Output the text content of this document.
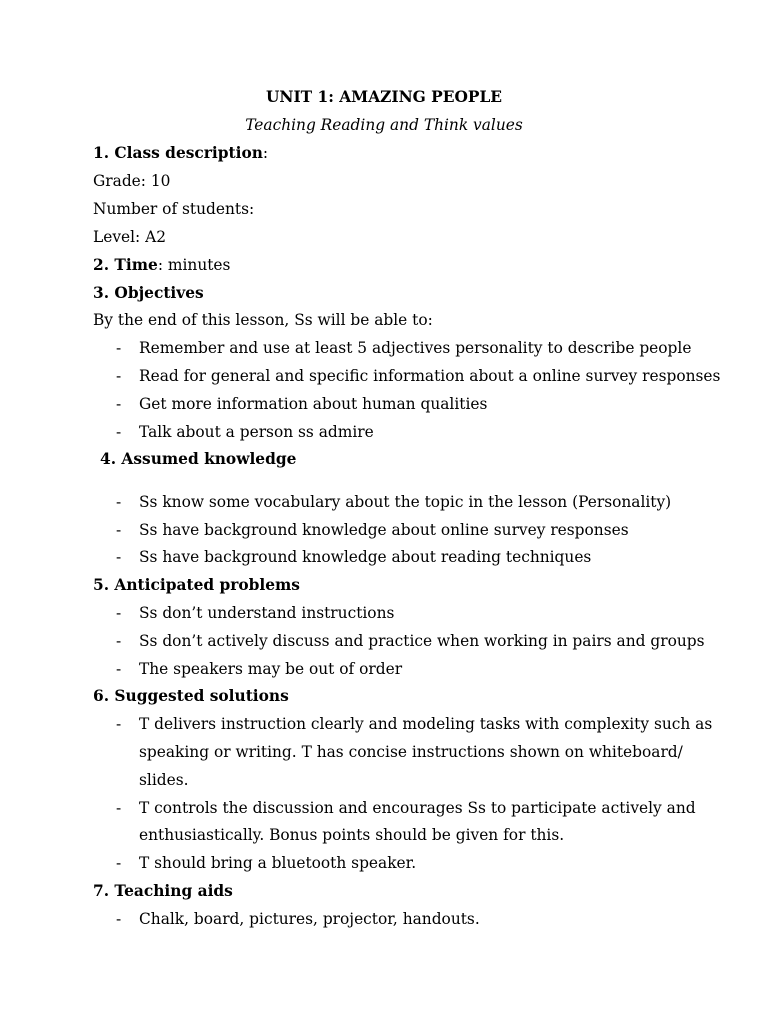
UNIT 1: AMAZING PEOPLE
Teaching Reading and Think values
1. Class description:
Grade: 10
Number of students:
Level: A2
2. Time: minutes
3. Objectives
By the end of this lesson, Ss will be able to:
- Remember and use at least 5 adjectives personality to describe people
- Read for general and specific information about a online survey responses
- Get more information about human qualities
- Talk about a person ss admire
4. Assumed knowledge
- Ss know some vocabulary about the topic in the lesson (Personality)
- Ss have background knowledge about online survey responses
- Ss have background knowledge about reading techniques
5. Anticipated problems
- Ss don’t understand instructions
- Ss don’t actively discuss and practice when working in pairs and groups
- The speakers may be out of order
6. Suggested solutions
- T delivers instruction clearly and modeling tasks with complexity such as
speaking or writing. T has concise instructions shown on whiteboard/
slides.
- T controls the discussion and encourages Ss to participate actively and
enthusiastically. Bonus points should be given for this.
- T should bring a bluetooth speaker.
7. Teaching aids
- Chalk, board, pictures, projector, handouts.
